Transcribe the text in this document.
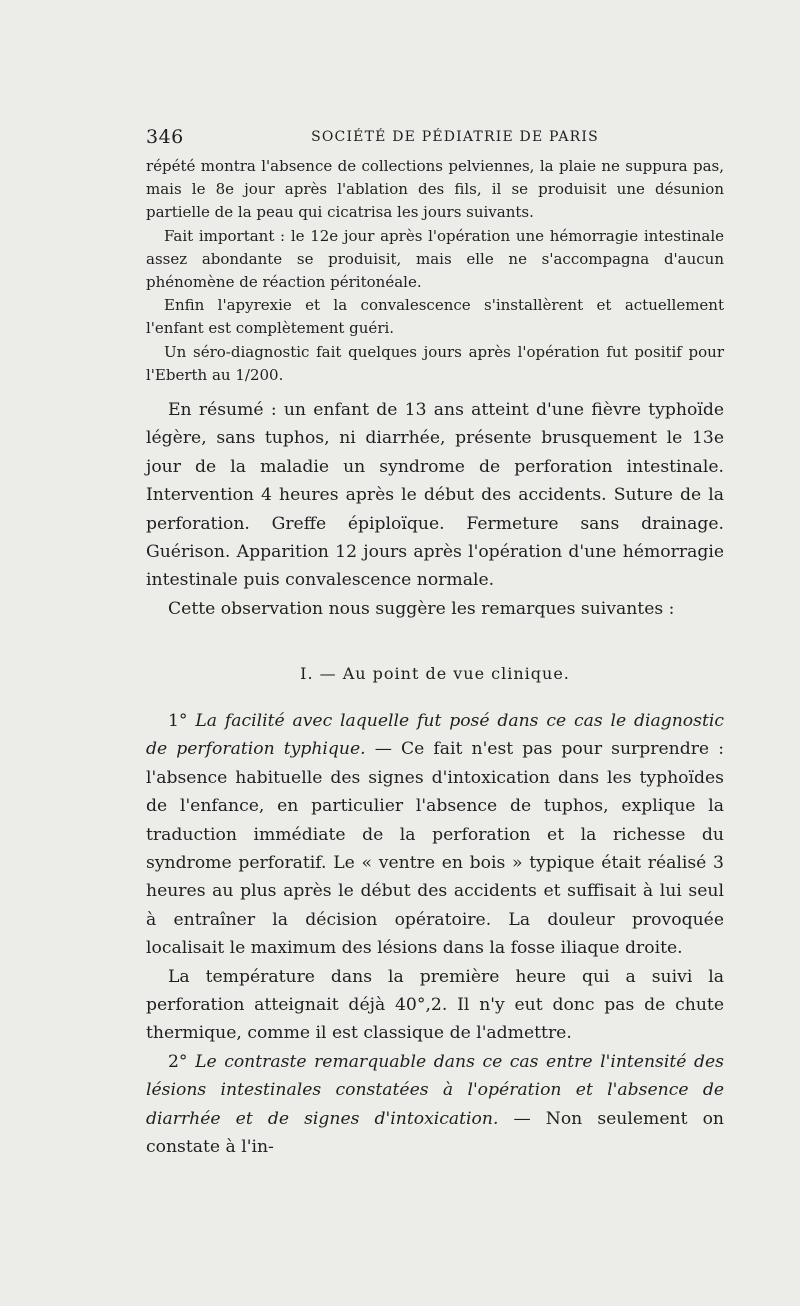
346	SOCIÉTÉ DE PÉDIATRIE DE PARIS

répété montra l'absence de collections pelviennes, la plaie ne suppura pas, mais le 8e jour après l'ablation des fils, il se produisit une désunion partielle de la peau qui cicatrisa les jours suivants.

Fait important : le 12e jour après l'opération une hémorragie intestinale assez abondante se produisit, mais elle ne s'accompagna d'aucun phénomène de réaction péritonéale.

Enfin l'apyrexie et la convalescence s'installèrent et actuellement l'enfant est complètement guéri.

Un séro-diagnostic fait quelques jours après l'opération fut positif pour l'Eberth au 1/200.

En résumé : un enfant de 13 ans atteint d'une fièvre typhoïde légère, sans tuphos, ni diarrhée, présente brusquement le 13e jour de la maladie un syndrome de perforation intestinale. Intervention 4 heures après le début des accidents. Suture de la perforation. Greffe épiploïque. Fermeture sans drainage. Guérison. Apparition 12 jours après l'opération d'une hémorragie intestinale puis convalescence normale.

Cette observation nous suggère les remarques suivantes :

I. — Au point de vue clinique.

1° La facilité avec laquelle fut posé dans ce cas le diagnostic de perforation typhique. — Ce fait n'est pas pour surprendre : l'absence habituelle des signes d'intoxication dans les typhoïdes de l'enfance, en particulier l'absence de tuphos, explique la traduction immédiate de la perforation et la richesse du syndrome perforatif. Le « ventre en bois » typique était réalisé 3 heures au plus après le début des accidents et suffisait à lui seul à entraîner la décision opératoire. La douleur provoquée localisait le maximum des lésions dans la fosse iliaque droite.

La température dans la première heure qui a suivi la perforation atteignait déjà 40°,2. Il n'y eut donc pas de chute thermique, comme il est classique de l'admettre.

2° Le contraste remarquable dans ce cas entre l'intensité des lésions intestinales constatées à l'opération et l'absence de diarrhée et de signes d'intoxication. — Non seulement on constate à l'in-
